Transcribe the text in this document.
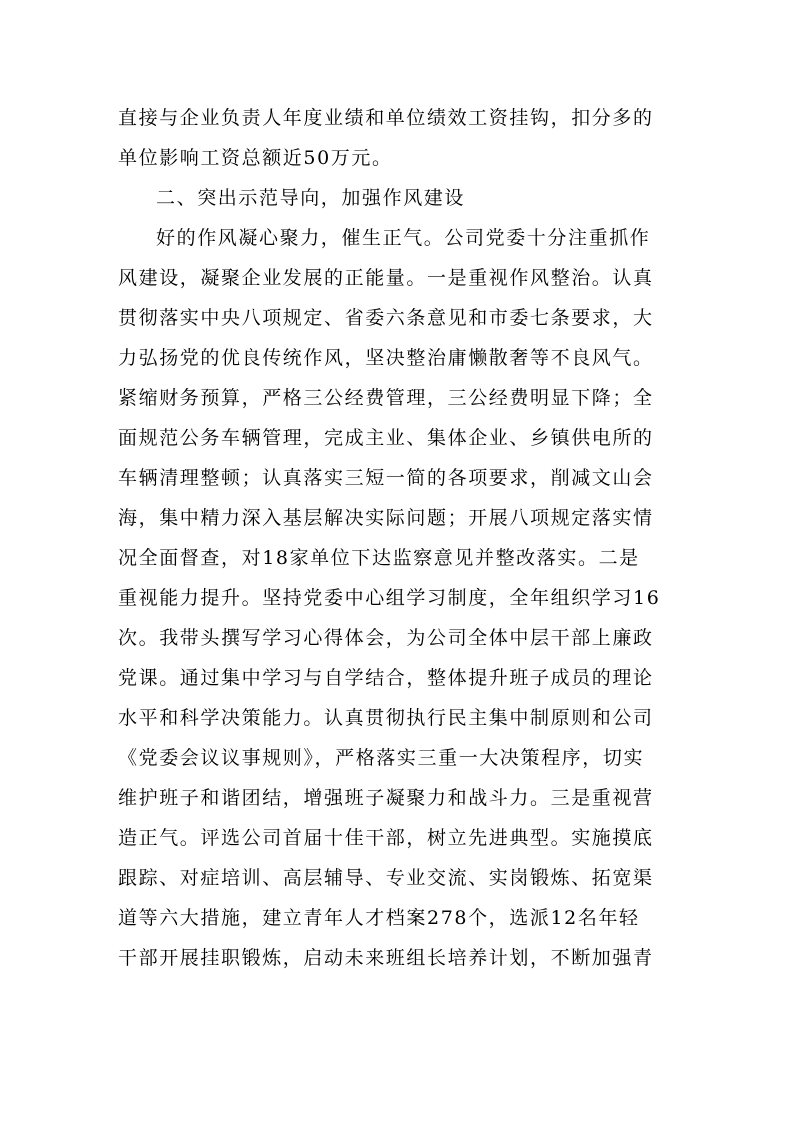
直接与企业负责人年度业绩和单位绩效工资挂钩，扣分多的
单位影响工资总额近50万元。
二、突出示范导向，加强作风建设
好的作风凝心聚力，催生正气。公司党委十分注重抓作
风建设，凝聚企业发展的正能量。一是重视作风整治。认真
贯彻落实中央八项规定、省委六条意见和市委七条要求，大
力弘扬党的优良传统作风，坚决整治庸懒散奢等不良风气。
紧缩财务预算，严格三公经费管理，三公经费明显下降；全
面规范公务车辆管理，完成主业、集体企业、乡镇供电所的
车辆清理整顿；认真落实三短一简的各项要求，削减文山会
海，集中精力深入基层解决实际问题；开展八项规定落实情
况全面督查，对18家单位下达监察意见并整改落实。二是
重视能力提升。坚持党委中心组学习制度，全年组织学习16
次。我带头撰写学习心得体会，为公司全体中层干部上廉政
党课。通过集中学习与自学结合，整体提升班子成员的理论
水平和科学决策能力。认真贯彻执行民主集中制原则和公司
《党委会议议事规则》，严格落实三重一大决策程序，切实
维护班子和谐团结，增强班子凝聚力和战斗力。三是重视营
造正气。评选公司首届十佳干部，树立先进典型。实施摸底
跟踪、对症培训、高层辅导、专业交流、实岗锻炼、拓宽渠
道等六大措施，建立青年人才档案278个，选派12名年轻
干部开展挂职锻炼，启动未来班组长培养计划，不断加强青
